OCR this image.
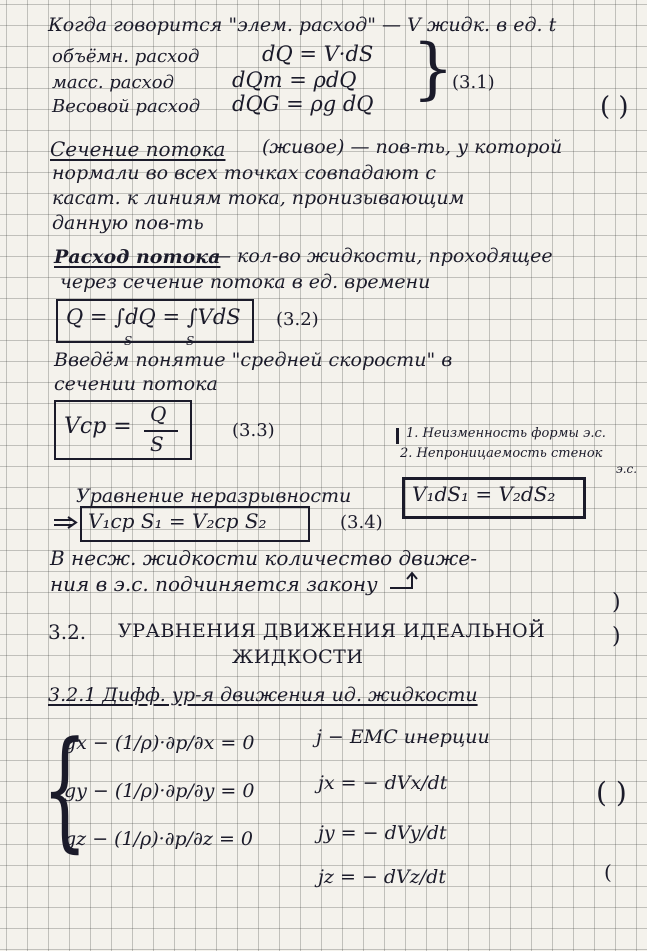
Когда говорится "элем. расход" — V жидк. в ед. t
объёмн. расход	dQ = V·dS
масс. расход	dQm = ρdQ
Весовой расход dQG = ρg dQ }
(3.1)
( )
Сечение потока (живое) — пов-ть, у которой
нормали во всех точках совпадают с
касат. к линиям тока, пронизывающим
данную пов-ть
Расход потока
— кол-во жидкости, проходящее
через сечение потока в ед. времени
Q = ∫dQ = ∫VdS
S	S
(3.2)
Введём понятие "средней скорости" в
сечении потока
Vср = Q
S
(3.3)	1. Неизменность формы э.с.
2. Непроницаемость стенок
э.с.
Уравнение неразрывности	V₁dS₁ = V₂dS₂
V₁ср S₁ = V₂ср S₂	(3.4)
В несж. жидкости количество движе-
ния в э.с. подчиняется закону
)
)
3.2. УРАВНЕНИЯ ДВИЖЕНИЯ ИДЕАЛЬНОЙ
ЖИДКОСТИ
3.2.1 Дифф. ур-я движения ид. жидкости
{
gx − (1/ρ)·∂p/∂x = 0
gy − (1/ρ)·∂p/∂y = 0
gz − (1/ρ)·∂p/∂z = 0
j − ЕМС инерции
jx = − dVx/dt
jy = − dVy/dt
jz = − dVz/dt
( )
(
